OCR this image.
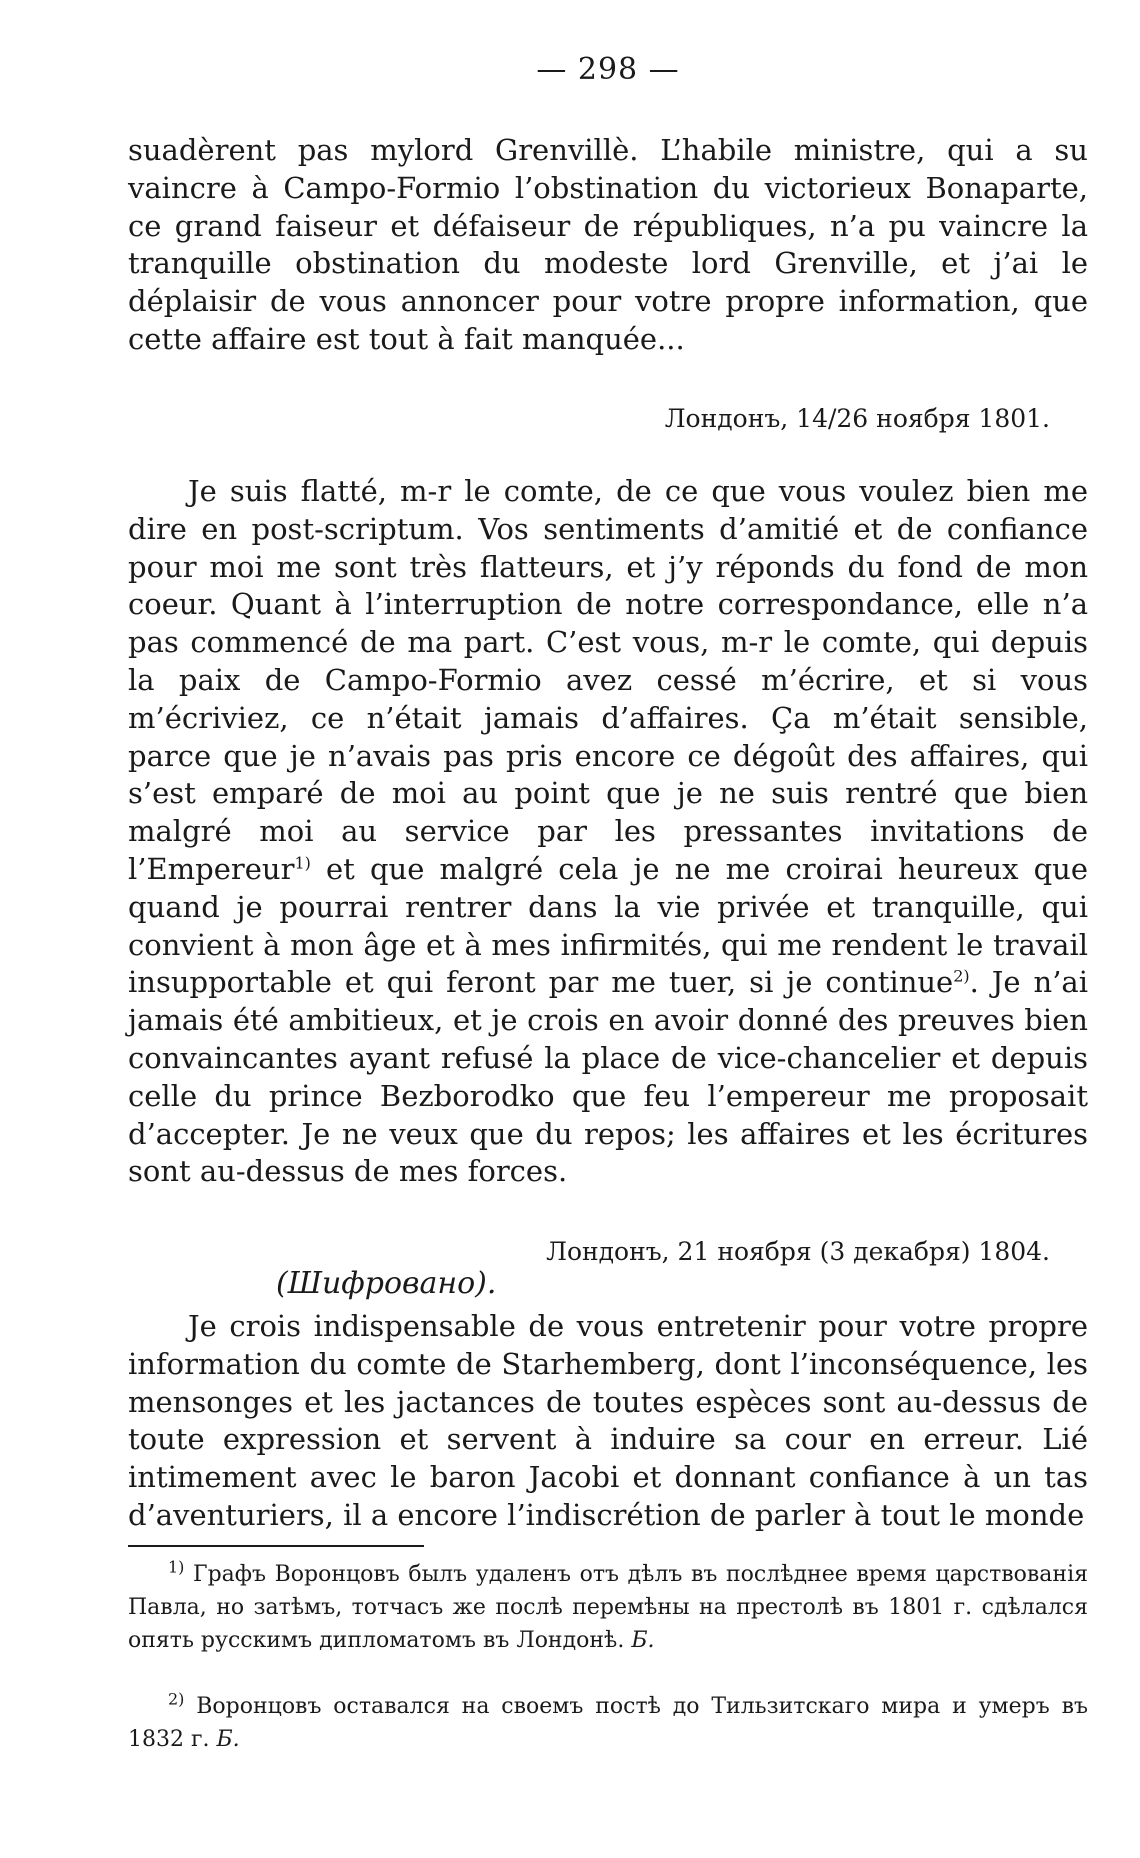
— 298 —

suadèrent pas mylord Grenvillè. L’habile ministre, qui a su vaincre à Campo-Formio l’obstination du victorieux Bonaparte, ce grand faiseur et défaiseur de républiques, n’a pu vaincre la tranquille obstination du modeste lord Grenville, et j’ai le déplaisir de vous annoncer pour votre propre information, que cette affaire est tout à fait manquée...

Лондонъ, 14/26 ноября 1801.

Je suis flatté, m-r le comte, de ce que vous voulez bien me dire en post-scriptum. Vos sentiments d’amitié et de confiance pour moi me sont très flatteurs, et j’y réponds du fond de mon coeur. Quant à l’interruption de notre correspondance, elle n’a pas commencé de ma part. C’est vous, m-r le comte, qui depuis la paix de Campo-Formio avez cessé m’écrire, et si vous m’écriviez, ce n’était jamais d’affaires. Ça m’était sensible, parce que je n’avais pas pris encore ce dégoût des affaires, qui s’est emparé de moi au point que je ne suis rentré que bien malgré moi au service par les pressantes invitations de l’Empereur$^{1)}$ et que malgré cela je ne me croirai heureux que quand je pourrai rentrer dans la vie privée et tranquille, qui convient à mon âge et à mes infirmités, qui me rendent le travail insupportable et qui feront par me tuer, si je continue$^{2)}$. Je n’ai jamais été ambitieux, et je crois en avoir donné des preuves bien convaincantes ayant refusé la place de vice-chancelier et depuis celle du prince Bezborodko que feu l’empereur me proposait d’accepter. Je ne veux que du repos; les affaires et les écritures sont au-dessus de mes forces.

Лондонъ, 21 ноября (3 декабря) 1804.
(Шифровано).

Je crois indispensable de vous entretenir pour votre propre information du comte de Starhemberg, dont l’inconséquence, les mensonges et les jactances de toutes espèces sont au-dessus de toute expression et servent à induire sa cour en erreur. Lié intimement avec le baron Jacobi et donnant confiance à un tas d’aventuriers, il a encore l’indiscrétion de parler à tout le monde

$^{1)}$ Графъ Воронцовъ былъ удаленъ отъ дѣлъ въ послѣднее время царствованія Павла, но затѣмъ, тотчасъ же послѣ перемѣны на престолѣ въ 1801 г. сдѣлался опять русскимъ дипломатомъ въ Лондонѣ. Б.

$^{2)}$ Воронцовъ оставался на своемъ постѣ до Тильзитскаго мира и умеръ въ 1832 г. Б.
